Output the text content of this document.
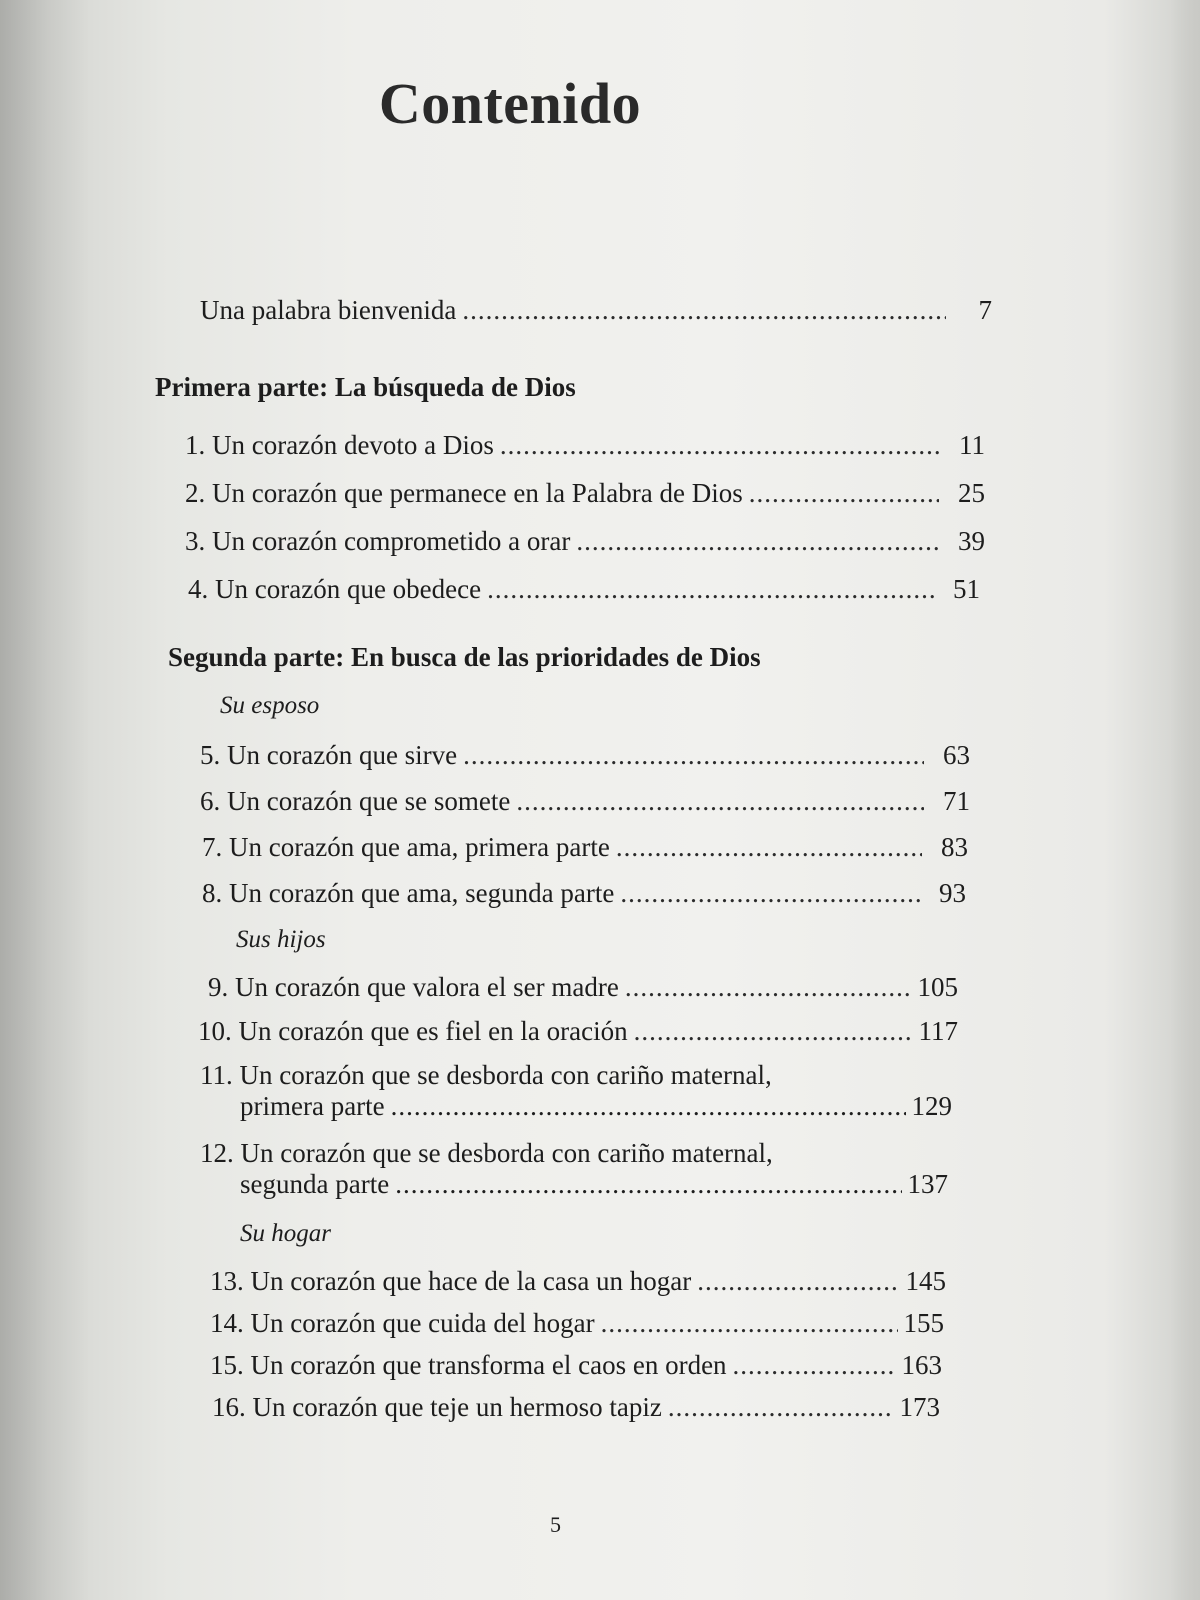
Contenido
Una palabra bienvenida .....	7
Primera parte: La búsqueda de Dios
1. Un corazón devoto a Dios .....	11
2. Un corazón que permanece en la Palabra de Dios .....	25
3. Un corazón comprometido a orar .....	39
4. Un corazón que obedece .....	51
Segunda parte: En busca de las prioridades de Dios
Su esposo
5. Un corazón que sirve .....	63
6. Un corazón que se somete .....	71
7. Un corazón que ama, primera parte .....	83
8. Un corazón que ama, segunda parte .....	93
Sus hijos
9. Un corazón que valora el ser madre .....	105
10. Un corazón que es fiel en la oración .....	117
11. Un corazón que se desborda con cariño maternal,
primera parte .....	129
12. Un corazón que se desborda con cariño maternal,
segunda parte .....	137
Su hogar
13. Un corazón que hace de la casa un hogar .....	145
14. Un corazón que cuida del hogar .....	155
15. Un corazón que transforma el caos en orden .....	163
16. Un corazón que teje un hermoso tapiz .....	173
5
